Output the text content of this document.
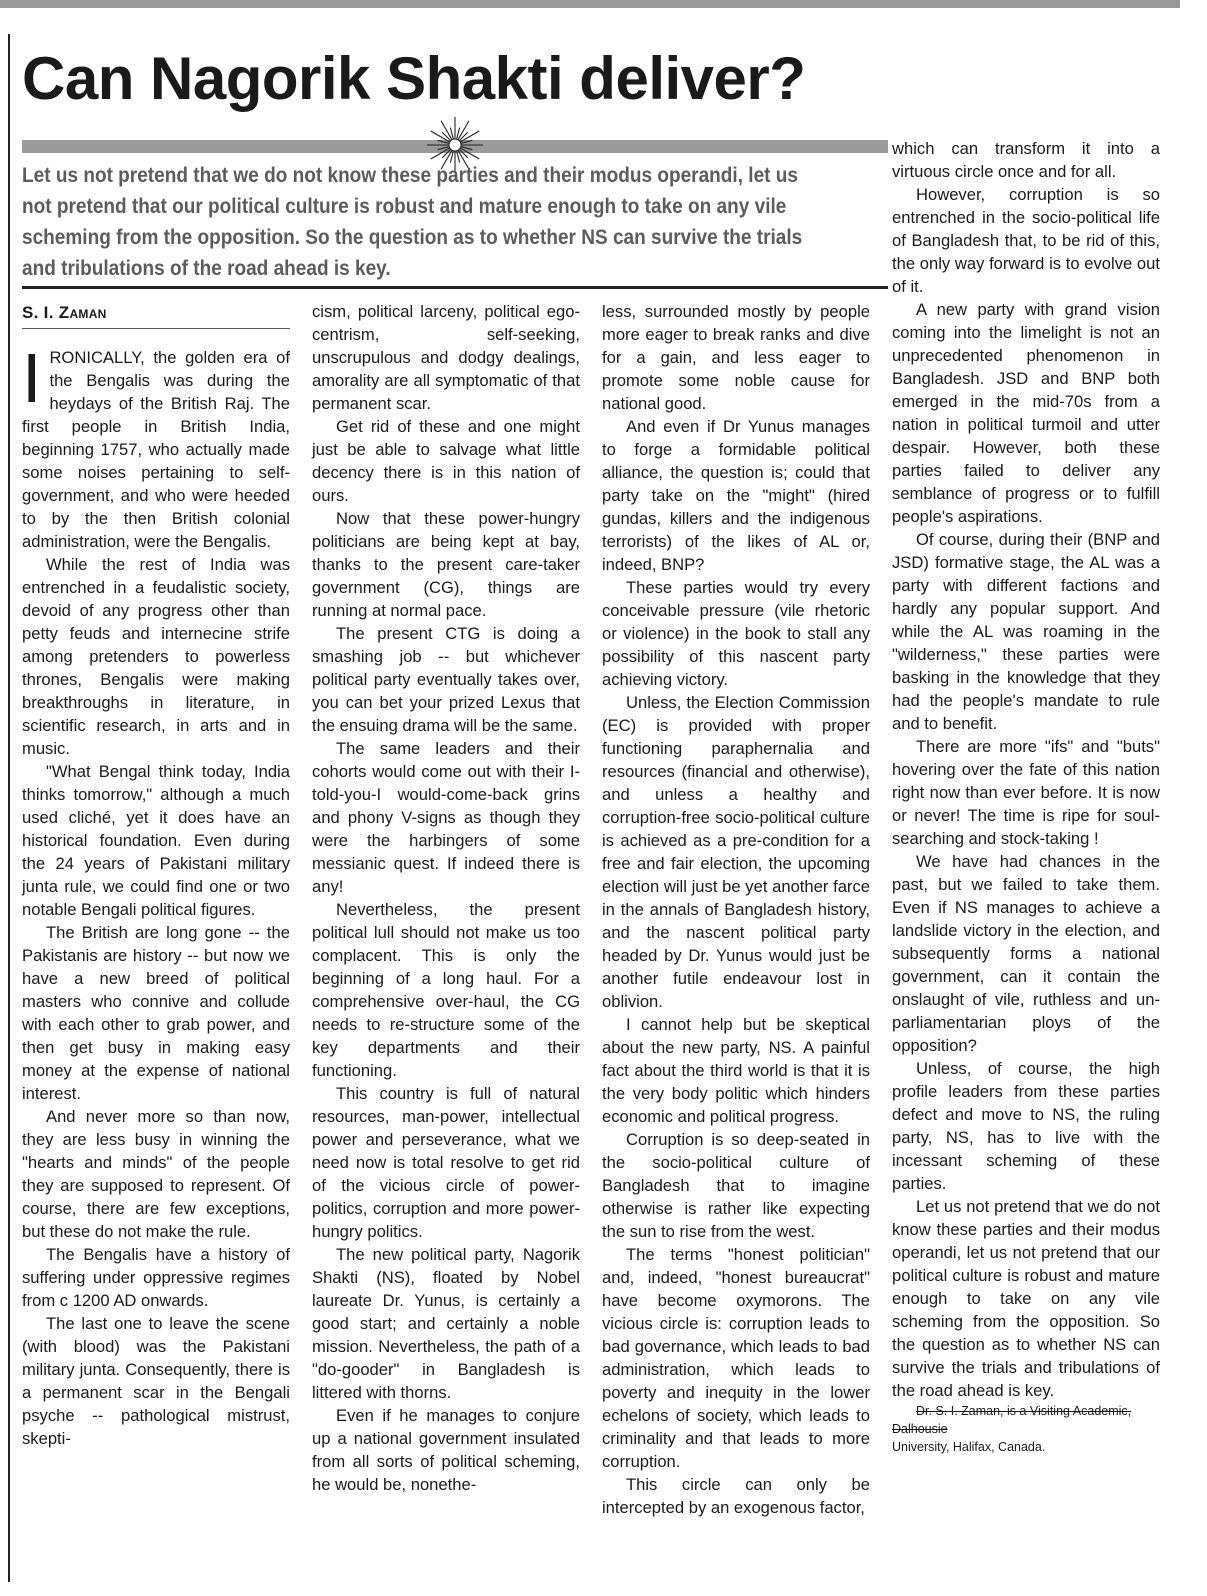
Can Nagorik Shakti deliver?
Let us not pretend that we do not know these parties and their modus operandi, let us
not pretend that our political culture is robust and mature enough to take on any vile
scheming from the opposition. So the question as to whether NS can survive the trials
and tribulations of the road ahead is key.

S. I. Zaman

IRONICALLY, the golden era of the Bengalis was during the heydays of the British Raj. The first people in British India, beginning 1757, who actually made some noises pertaining to self-government, and who were heeded to by the then British colonial administration, were the Bengalis.

While the rest of India was entrenched in a feudalistic society, devoid of any progress other than petty feuds and internecine strife among pretenders to powerless thrones, Bengalis were making breakthroughs in literature, in scientific research, in arts and in music.

"What Bengal think today, India thinks tomorrow," although a much used cliché, yet it does have an historical foundation. Even during the 24 years of Pakistani military junta rule, we could find one or two notable Bengali political figures.

The British are long gone -- the Pakistanis are history -- but now we have a new breed of political masters who connive and collude with each other to grab power, and then get busy in making easy money at the expense of national interest.

And never more so than now, they are less busy in winning the "hearts and minds" of the people they are supposed to represent. Of course, there are few exceptions, but these do not make the rule.

The Bengalis have a history of suffering under oppressive regimes from c 1200 AD onwards.

The last one to leave the scene (with blood) was the Pakistani military junta. Consequently, there is a permanent scar in the Bengali psyche -- pathological mistrust, skepti-

cism, political larceny, political ego-centrism, self-seeking, unscrupulous and dodgy dealings, amorality are all symptomatic of that permanent scar.

Get rid of these and one might just be able to salvage what little decency there is in this nation of ours.

Now that these power-hungry politicians are being kept at bay, thanks to the present care-taker government (CG), things are running at normal pace.

The present CTG is doing a smashing job -- but whichever political party eventually takes over, you can bet your prized Lexus that the ensuing drama will be the same.

The same leaders and their cohorts would come out with their I-told-you-I would-come-back grins and phony V-signs as though they were the harbingers of some messianic quest. If indeed there is any!

Nevertheless, the present political lull should not make us too complacent. This is only the beginning of a long haul. For a comprehensive over-haul, the CG needs to re-structure some of the key departments and their functioning.

This country is full of natural resources, man-power, intellectual power and perseverance, what we need now is total resolve to get rid of the vicious circle of power-politics, corruption and more power-hungry politics.

The new political party, Nagorik Shakti (NS), floated by Nobel laureate Dr. Yunus, is certainly a good start; and certainly a noble mission. Nevertheless, the path of a "do-gooder" in Bangladesh is littered with thorns.

Even if he manages to conjure up a national government insulated from all sorts of political scheming, he would be, nonethe-

less, surrounded mostly by people more eager to break ranks and dive for a gain, and less eager to promote some noble cause for national good.

And even if Dr Yunus manages to forge a formidable political alliance, the question is; could that party take on the "might" (hired gundas, killers and the indigenous terrorists) of the likes of AL or, indeed, BNP?

These parties would try every conceivable pressure (vile rhetoric or violence) in the book to stall any possibility of this nascent party achieving victory.

Unless, the Election Commission (EC) is provided with proper functioning paraphernalia and resources (financial and otherwise), and unless a healthy and corruption-free socio-political culture is achieved as a pre-condition for a free and fair election, the upcoming election will just be yet another farce in the annals of Bangladesh history, and the nascent political party headed by Dr. Yunus would just be another futile endeavour lost in oblivion.

I cannot help but be skeptical about the new party, NS. A painful fact about the third world is that it is the very body politic which hinders economic and political progress.

Corruption is so deep-seated in the socio-political culture of Bangladesh that to imagine otherwise is rather like expecting the sun to rise from the west.

The terms "honest politician" and, indeed, "honest bureaucrat" have become oxymorons. The vicious circle is: corruption leads to bad governance, which leads to bad administration, which leads to poverty and inequity in the lower echelons of society, which leads to criminality and that leads to more corruption.

This circle can only be intercepted by an exogenous factor,

which can transform it into a virtuous circle once and for all.

However, corruption is so entrenched in the socio-political life of Bangladesh that, to be rid of this, the only way forward is to evolve out of it.

A new party with grand vision coming into the limelight is not an unprecedented phenomenon in Bangladesh. JSD and BNP both emerged in the mid-70s from a nation in political turmoil and utter despair. However, both these parties failed to deliver any semblance of progress or to fulfill people's aspirations.

Of course, during their (BNP and JSD) formative stage, the AL was a party with different factions and hardly any popular support. And while the AL was roaming in the "wilderness," these parties were basking in the knowledge that they had the people's mandate to rule and to benefit.

There are more "ifs" and "buts" hovering over the fate of this nation right now than ever before. It is now or never! The time is ripe for soul-searching and stock-taking !

We have had chances in the past, but we failed to take them. Even if NS manages to achieve a landslide victory in the election, and subsequently forms a national government, can it contain the onslaught of vile, ruthless and un-parliamentarian ploys of the opposition?

Unless, of course, the high profile leaders from these parties defect and move to NS, the ruling party, NS, has to live with the incessant scheming of these parties.

Let us not pretend that we do not know these parties and their modus operandi, let us not pretend that our political culture is robust and mature enough to take on any vile scheming from the opposition. So the question as to whether NS can survive the trials and tribulations of the road ahead is key.

Dr. S. I. Zaman, is a Visiting Academic, Dalhousie
University, Halifax, Canada.
